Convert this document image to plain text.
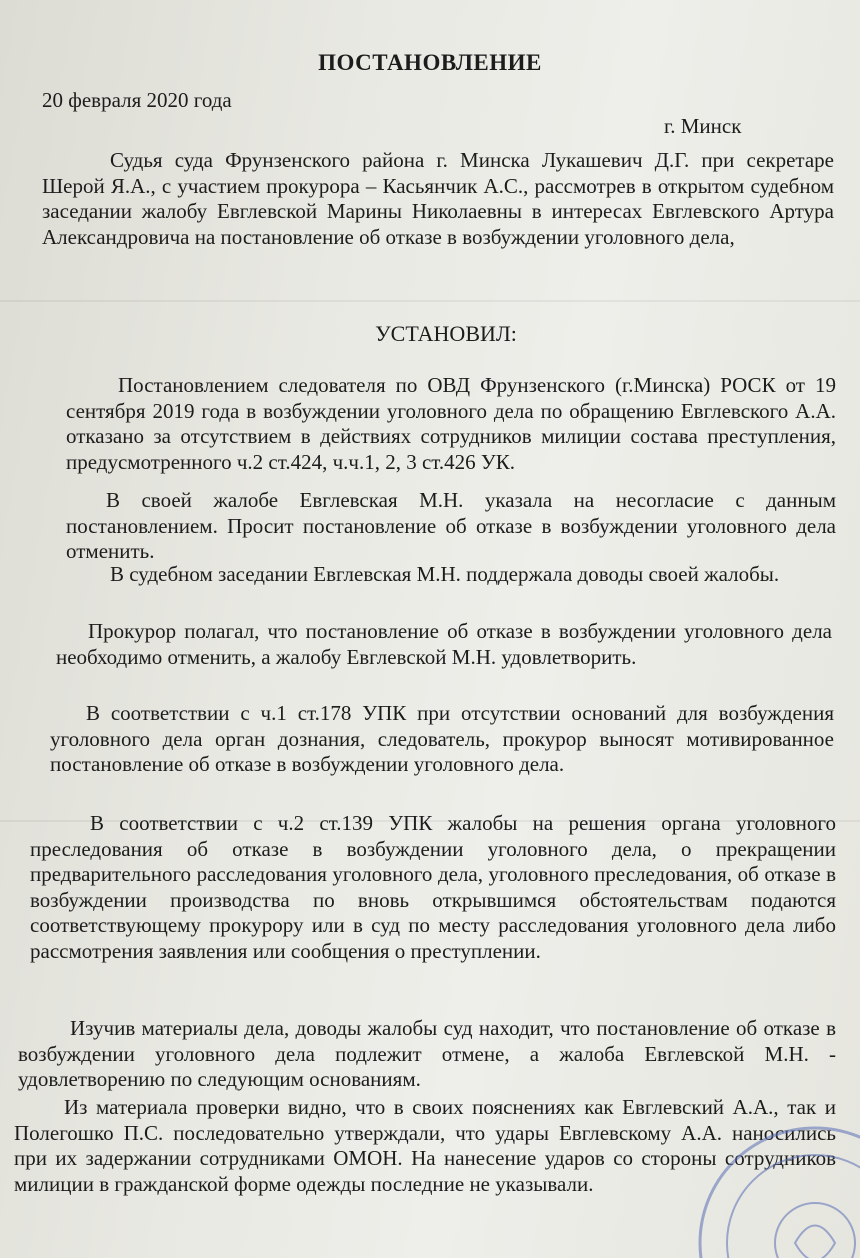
ПОСТАНОВЛЕНИЕ
20 февраля 2020 года
г. Минск
Судья суда Фрунзенского района г. Минска Лукашевич Д.Г. при секретаре Шерой Я.А., с участием прокурора – Касьянчик А.С., рассмотрев в открытом судебном заседании жалобу Евглевской Марины Николаевны в интересах Евглевского Артура Александровича на постановление об отказе в возбуждении уголовного дела,
УСТАНОВИЛ:
Постановлением следователя по ОВД Фрунзенского (г.Минска) РОСК от 19 сентября 2019 года в возбуждении уголовного дела по обращению Евглевского А.А. отказано за отсутствием в действиях сотрудников милиции состава преступления, предусмотренного ч.2 ст.424, ч.ч.1, 2, 3 ст.426 УК.
В своей жалобе Евглевская М.Н. указала на несогласие с данным постановлением. Просит постановление об отказе в возбуждении уголовного дела отменить.
В судебном заседании Евглевская М.Н. поддержала доводы своей жалобы.
Прокурор полагал, что постановление об отказе в возбуждении уголовного дела необходимо отменить, а жалобу Евглевской М.Н. удовлетворить.
В соответствии с ч.1 ст.178 УПК при отсутствии оснований для возбуждения уголовного дела орган дознания, следователь, прокурор выносят мотивированное постановление об отказе в возбуждении уголовного дела.
В соответствии с ч.2 ст.139 УПК жалобы на решения органа уголовного преследования об отказе в возбуждении уголовного дела, о прекращении предварительного расследования уголовного дела, уголовного преследования, об отказе в возбуждении производства по вновь открывшимся обстоятельствам подаются соответствующему прокурору или в суд по месту расследования уголовного дела либо рассмотрения заявления или сообщения о преступлении.
Изучив материалы дела, доводы жалобы суд находит, что постановление об отказе в возбуждении уголовного дела подлежит отмене, а жалоба Евглевской М.Н. - удовлетворению по следующим основаниям.
Из материала проверки видно, что в своих пояснениях как Евглевский А.А., так и Полегошко П.С. последовательно утверждали, что удары Евглевскому А.А. наносились при их задержании сотрудниками ОМОН. На нанесение ударов со стороны сотрудников милиции в гражданской форме одежды последние не указывали.
